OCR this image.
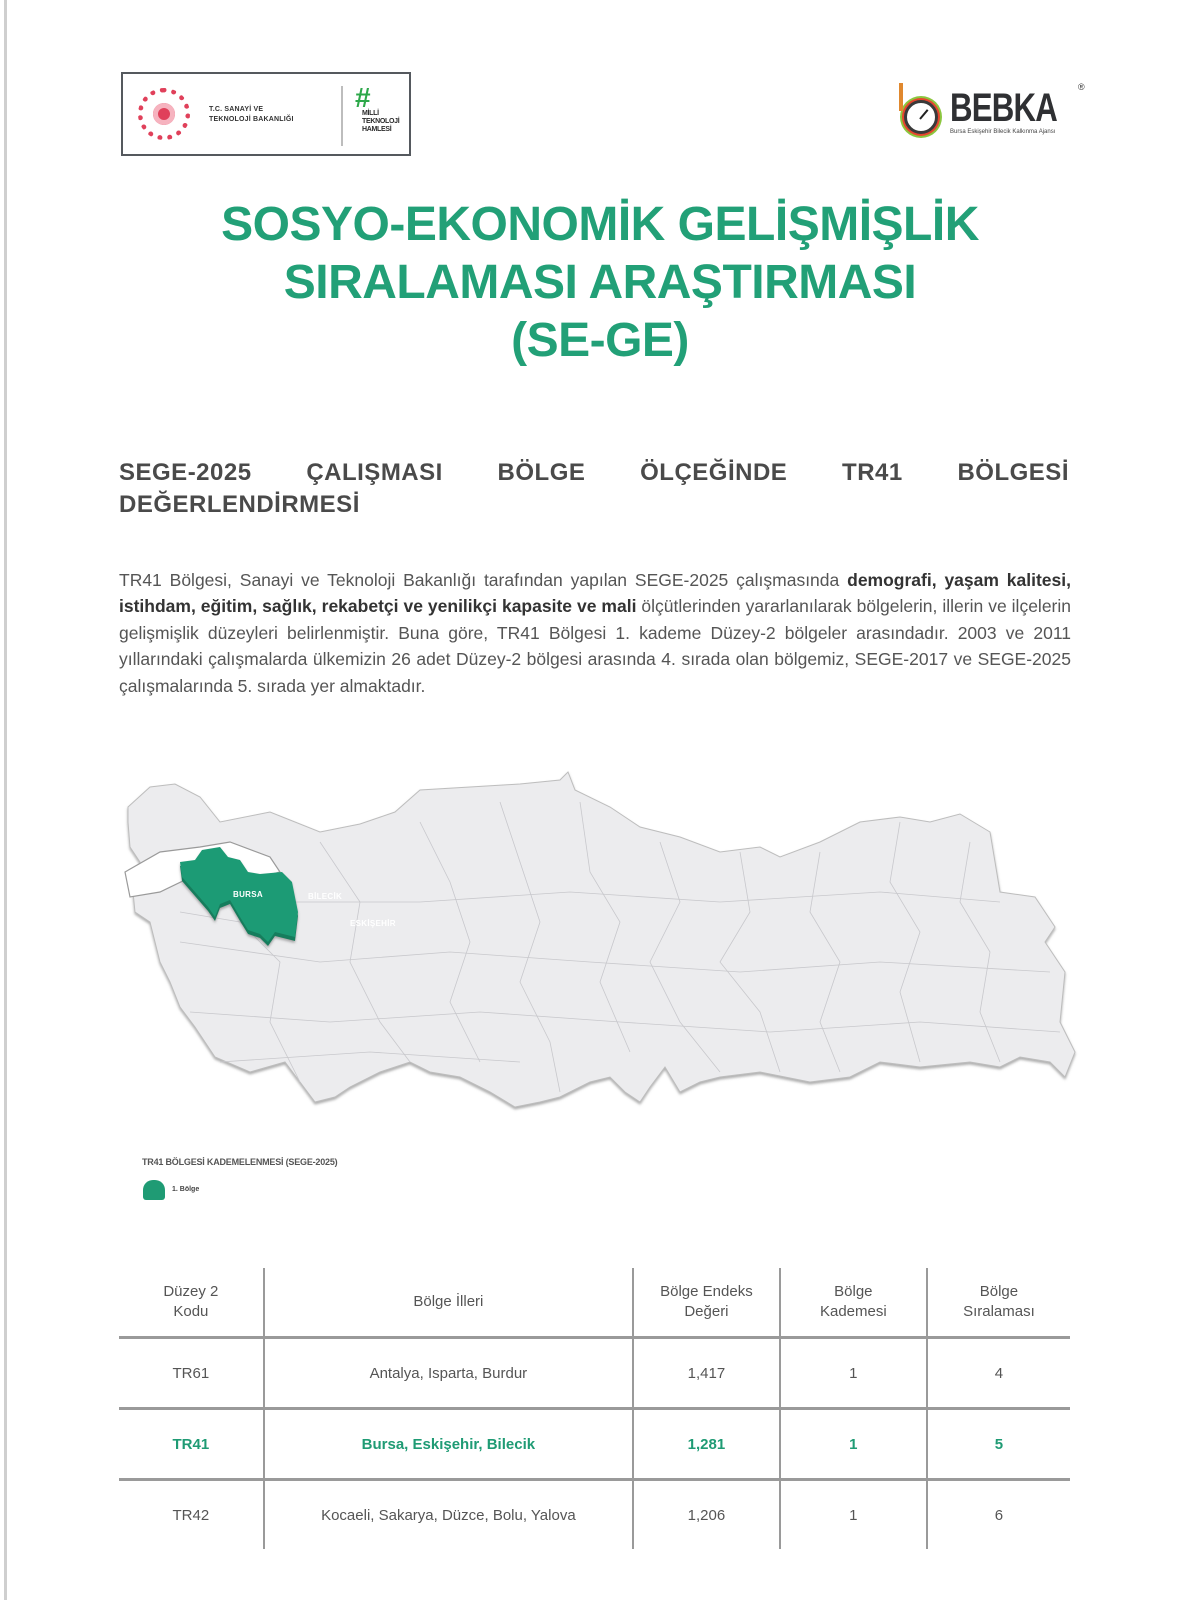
T.C. SANAYİ VE
TEKNOLOJİ BAKANLIĞI
#
MİLLİ TEKNOLOJİ HAMLESİ	BEBKA ®
Bursa Eskişehir Bilecik Kalkınma Ajansı
SOSYO-EKONOMİK GELİŞMİŞLİK
SIRALAMASI ARAŞTIRMASI
(SE-GE)
SEGE-2025 ÇALIŞMASI BÖLGE ÖLÇEĞİNDE TR41 BÖLGESİ
DEĞERLENDİRMESİ

TR41 Bölgesi, Sanayi ve Teknoloji Bakanlığı tarafından yapılan SEGE-2025 çalışmasında demografi, yaşam kalitesi, istihdam, eğitim, sağlık, rekabetçi ve yenilikçi kapasite ve mali ölçütlerinden yararlanılarak bölgelerin, illerin ve ilçelerin gelişmişlik düzeyleri belirlenmiştir. Buna göre, TR41 Bölgesi 1. kademe Düzey-2 bölgeler arasındadır. 2003 ve 2011 yıllarındaki çalışmalarda ülkemizin 26 adet Düzey-2 bölgesi arasında 4. sırada olan bölgemiz, SEGE-2017 ve SEGE-2025 çalışmalarında 5. sırada yer almaktadır.

BURSA	BİLECİK
ESKİŞEHİR
TR41 BÖLGESİ KADEMELENMESİ (SEGE-2025)
1. Bölge
Düzey 2
Kodu

Bölge İlleri

Bölge Endeks
Değeri

Bölge
Kademesi

Bölge
Sıralaması

TR61	Antalya, Isparta, Burdur	1,417	1	4
TR41	Bursa, Eskişehir, Bilecik	1,281	1	5
TR42	Kocaeli, Sakarya, Düzce, Bolu, Yalova	1,206	1	6
